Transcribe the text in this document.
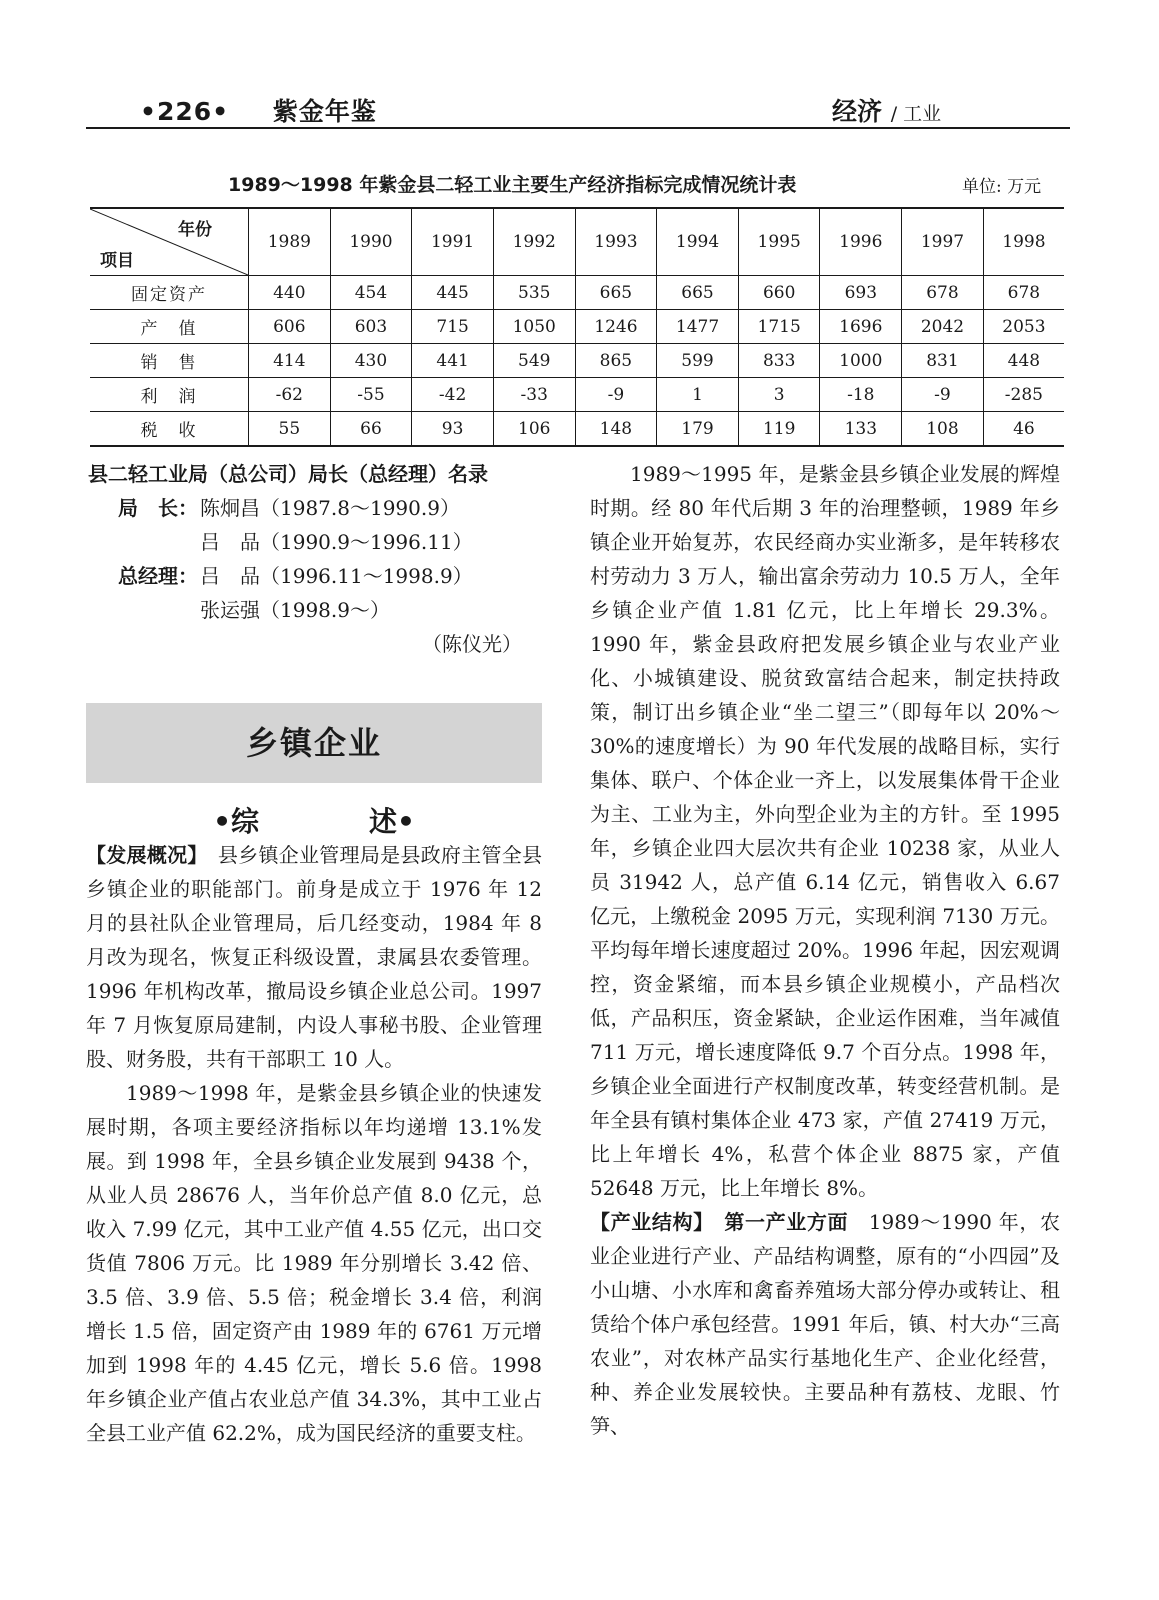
•226• 紫金年鉴	经济 / 工业
1989～1998 年紫金县二轻工业主要生产经济指标完成情况统计表	单位: 万元
年份
项目	1989	1990	1991	1992	1993	1994	1995	1996	1997	1998
固定资产	440	454	445	535	665	665	660	693	678	678
产　值	606	603	715	1050	1246	1477	1715	1696	2042	2053
销　售	414	430	441	549	865	599	833	1000	831	448
利　润	-62	-55	-42	-33	-9	1	3	-18	-9	-285
税　收	55	66	93	106	148	179	119	133	108	46

县二轻工业局（总公司）局长（总经理）名录

局　长： 陈炯昌（1987.8～1990.9）
吕　品（1990.9～1996.11）
总经理： 吕　品（1996.11～1998.9）
张运强（1998.9～）

（陈仪光）

乡镇企业
•综	述•

【发展概况】　县乡镇企业管理局是县政府主管全县乡镇企业的职能部门。前身是成立于 1976 年 12 月的县社队企业管理局，后几经变动，1984 年 8 月改为现名，恢复正科级设置，隶属县农委管理。1996 年机构改革，撤局设乡镇企业总公司。1997 年 7 月恢复原局建制，内设人事秘书股、企业管理股、财务股，共有干部职工 10 人。

1989～1998 年，是紫金县乡镇企业的快速发展时期，各项主要经济指标以年均递增 13.1%发展。到 1998 年，全县乡镇企业发展到 9438 个，从业人员 28676 人，当年价总产值 8.0 亿元，总收入 7.99 亿元，其中工业产值 4.55 亿元，出口交货值 7806 万元。比 1989 年分别增长 3.42 倍、3.5 倍、3.9 倍、5.5 倍；税金增长 3.4 倍，利润增长 1.5 倍，固定资产由 1989 年的 6761 万元增加到 1998 年的 4.45 亿元，增长 5.6 倍。1998 年乡镇企业产值占农业总产值 34.3%，其中工业占全县工业产值 62.2%，成为国民经济的重要支柱。

1989～1995 年，是紫金县乡镇企业发展的辉煌时期。经 80 年代后期 3 年的治理整顿，1989 年乡镇企业开始复苏，农民经商办实业渐多，是年转移农村劳动力 3 万人，输出富余劳动力 10.5 万人，全年乡镇企业产值 1.81 亿元，比上年增长 29.3%。1990 年，紫金县政府把发展乡镇企业与农业产业化、小城镇建设、脱贫致富结合起来，制定扶持政策，制订出乡镇企业“坐二望三”（即每年以 20%～30%的速度增长）为 90 年代发展的战略目标，实行集体、联户、个体企业一齐上，以发展集体骨干企业为主、工业为主，外向型企业为主的方针。至 1995 年，乡镇企业四大层次共有企业 10238 家，从业人员 31942 人，总产值 6.14 亿元，销售收入 6.67 亿元，上缴税金 2095 万元，实现利润 7130 万元。平均每年增长速度超过 20%。1996 年起，因宏观调控，资金紧缩，而本县乡镇企业规模小，产品档次低，产品积压，资金紧缺，企业运作困难，当年减值 711 万元，增长速度降低 9.7 个百分点。1998 年，乡镇企业全面进行产权制度改革，转变经营机制。是年全县有镇村集体企业 473 家，产值 27419 万元，比上年增长 4%，私营个体企业 8875 家，产值 52648 万元，比上年增长 8%。

【产业结构】　第一产业方面　1989～1990 年，农业企业进行产业、产品结构调整，原有的“小四园”及小山塘、小水库和禽畜养殖场大部分停办或转让、租赁给个体户承包经营。1991 年后，镇、村大办“三高农业”，对农林产品实行基地化生产、企业化经营，种、养企业发展较快。主要品种有荔枝、龙眼、竹笋、
